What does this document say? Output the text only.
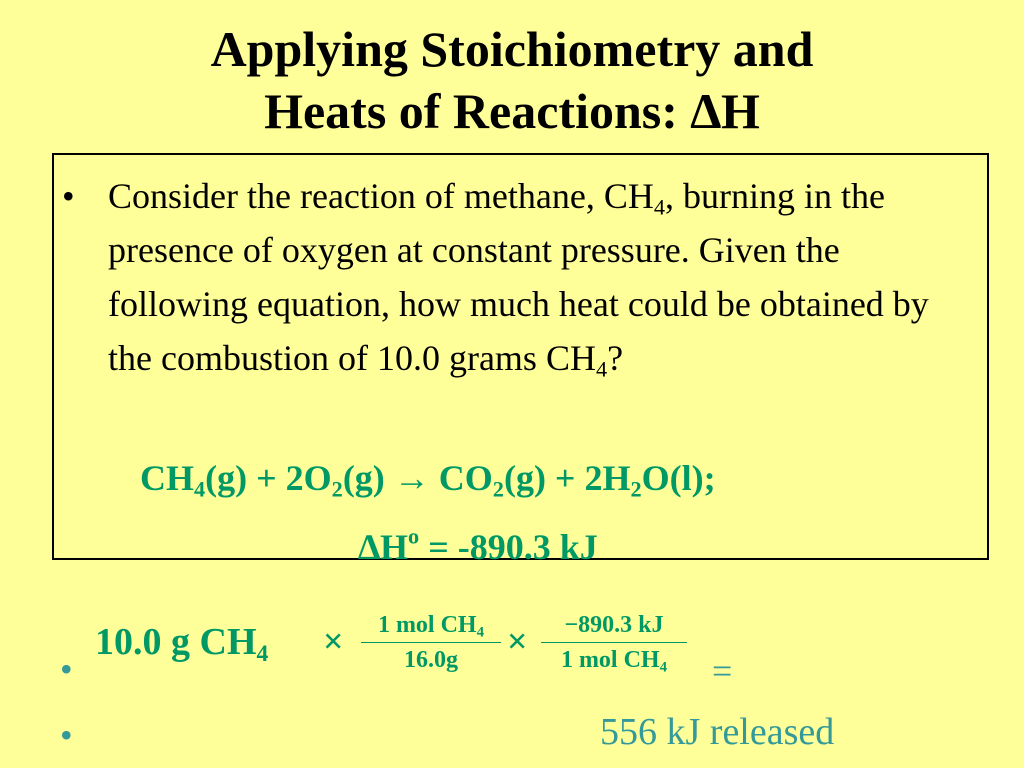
Applying Stoichiometry and
Heats of Reactions: ∆H
• Consider the reaction of methane, $CH_4$, burning in the presence of oxygen at constant pressure. Given the following equation, how much heat could be obtained by the combustion of 10.0 grams $CH_4$?
$CH_4(g) + 2O_2(g) \to CO_2(g) + 2H_2O(l)$;
$\Delta H^o = -890.3$ kJ
•
10.0 g $CH_4$ ×	1 mol $CH_4$
16.0g	×	−890.3 kJ
1 mol $CH_4$	=
•	556 kJ released
